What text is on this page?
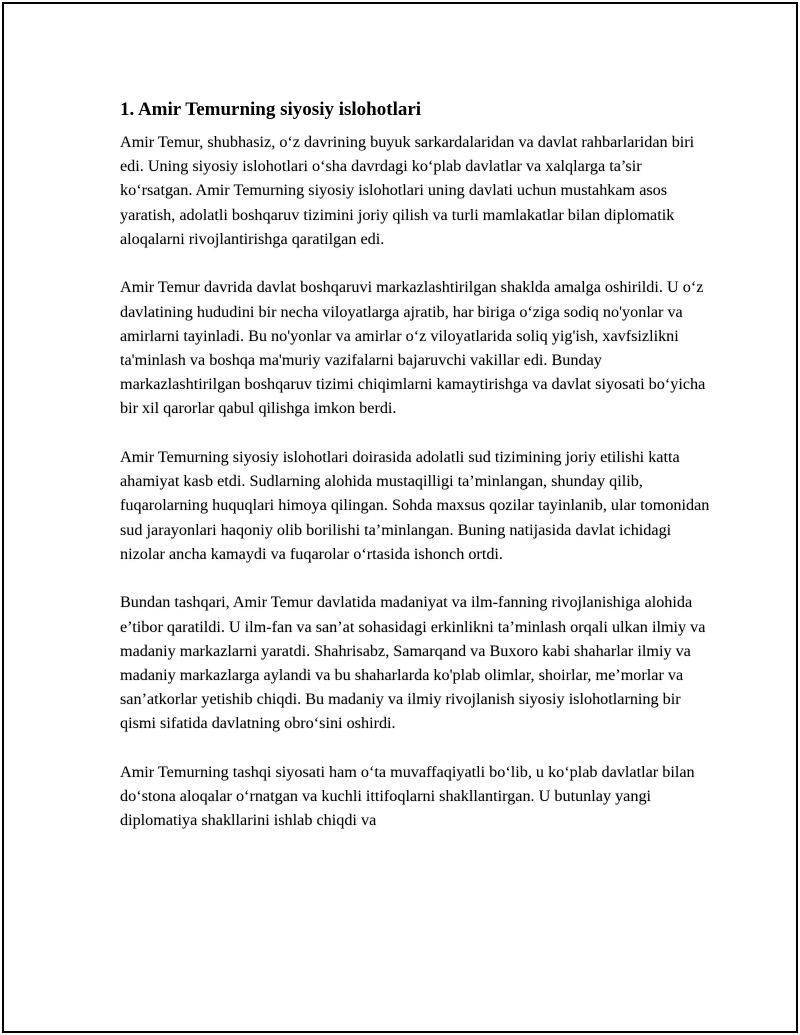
1. Amir Temurning siyosiy islohotlari

Amir Temur, shubhasiz, o‘z davrining buyuk sarkardalaridan va davlat rahbarlaridan biri edi. Uning siyosiy islohotlari o‘sha davrdagi ko‘plab davlatlar va xalqlarga ta’sir ko‘rsatgan. Amir Temurning siyosiy islohotlari uning davlati uchun mustahkam asos yaratish, adolatli boshqaruv tizimini joriy qilish va turli mamlakatlar bilan diplomatik aloqalarni rivojlantirishga qaratilgan edi.

Amir Temur davrida davlat boshqaruvi markazlashtirilgan shaklda amalga oshirildi. U o‘z davlatining hududini bir necha viloyatlarga ajratib, har biriga o‘ziga sodiq no'yonlar va amirlarni tayinladi. Bu no'yonlar va amirlar o‘z viloyatlarida soliq yig'ish, xavfsizlikni ta'minlash va boshqa ma'muriy vazifalarni bajaruvchi vakillar edi. Bunday markazlashtirilgan boshqaruv tizimi chiqimlarni kamaytirishga va davlat siyosati bo‘yicha bir xil qarorlar qabul qilishga imkon berdi.

Amir Temurning siyosiy islohotlari doirasida adolatli sud tizimining joriy etilishi katta ahamiyat kasb etdi. Sudlarning alohida mustaqilligi ta’minlangan, shunday qilib, fuqarolarning huquqlari himoya qilingan. Sohda maxsus qozilar tayinlanib, ular tomonidan sud jarayonlari haqoniy olib borilishi ta’minlangan. Buning natijasida davlat ichidagi nizolar ancha kamaydi va fuqarolar o‘rtasida ishonch ortdi.

Bundan tashqari, Amir Temur davlatida madaniyat va ilm-fanning rivojlanishiga alohida e’tibor qaratildi. U ilm-fan va san’at sohasidagi erkinlikni ta’minlash orqali ulkan ilmiy va madaniy markazlarni yaratdi. Shahrisabz, Samarqand va Buxoro kabi shaharlar ilmiy va madaniy markazlarga aylandi va bu shaharlarda ko'plab olimlar, shoirlar, me’morlar va san’atkorlar yetishib chiqdi. Bu madaniy va ilmiy rivojlanish siyosiy islohotlarning bir qismi sifatida davlatning obro‘sini oshirdi.

Amir Temurning tashqi siyosati ham o‘ta muvaffaqiyatli bo‘lib, u ko‘plab davlatlar bilan do‘stona aloqalar o‘rnatgan va kuchli ittifoqlarni shakllantirgan. U butunlay yangi diplomatiya shakllarini ishlab chiqdi va
